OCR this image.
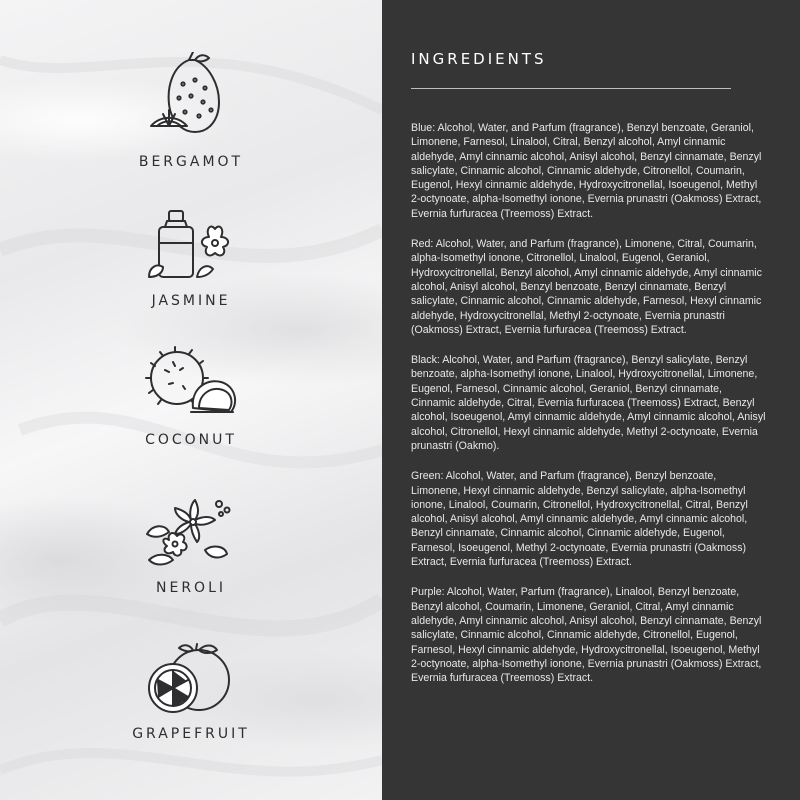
BERGAMOT
JASMINE
COCONUT
NEROLI
GRAPEFRUIT
INGREDIENTS

Blue: Alcohol, Water, and Parfum (fragrance), Benzyl benzoate, Geraniol, Limonene, Farnesol, Linalool, Citral, Benzyl alcohol, Amyl cinnamic aldehyde, Amyl cinnamic alcohol, Anisyl alcohol, Benzyl cinnamate, Benzyl salicylate, Cinnamic alcohol, Cinnamic aldehyde, Citronellol, Coumarin, Eugenol, Hexyl cinnamic aldehyde, Hydroxycitronellal, Isoeugenol, Methyl 2-octynoate, alpha-Isomethyl ionone, Evernia prunastri (Oakmoss) Extract, Evernia furfuracea (Treemoss) Extract.

Red: Alcohol, Water, and Parfum (fragrance), Limonene, Citral, Coumarin, alpha-Isomethyl ionone, Citronellol, Linalool, Eugenol, Geraniol, Hydroxycitronellal, Benzyl alcohol, Amyl cinnamic aldehyde, Amyl cinnamic alcohol, Anisyl alcohol, Benzyl benzoate, Benzyl cinnamate, Benzyl salicylate, Cinnamic alcohol, Cinnamic aldehyde, Farnesol, Hexyl cinnamic aldehyde, Hydroxycitronellal, Methyl 2-octynoate, Evernia prunastri (Oakmoss) Extract, Evernia furfuracea (Treemoss) Extract.

Black: Alcohol, Water, and Parfum (fragrance), Benzyl salicylate, Benzyl benzoate, alpha-Isomethyl ionone, Linalool, Hydroxycitronellal, Limonene, Eugenol, Farnesol, Cinnamic alcohol, Geraniol, Benzyl cinnamate, Cinnamic aldehyde, Citral, Evernia furfuracea (Treemoss) Extract, Benzyl alcohol, Isoeugenol, Amyl cinnamic aldehyde, Amyl cinnamic alcohol, Anisyl alcohol, Citronellol, Hexyl cinnamic aldehyde, Methyl 2-octynoate, Evernia prunastri (Oakmo).

Green: Alcohol, Water, and Parfum (fragrance), Benzyl benzoate, Limonene, Hexyl cinnamic aldehyde, Benzyl salicylate, alpha-Isomethyl ionone, Linalool, Coumarin, Citronellol, Hydroxycitronellal, Citral, Benzyl alcohol, Anisyl alcohol, Amyl cinnamic aldehyde, Amyl cinnamic alcohol, Benzyl cinnamate, Cinnamic alcohol, Cinnamic aldehyde, Eugenol, Farnesol, Isoeugenol, Methyl 2-octynoate, Evernia prunastri (Oakmoss) Extract, Evernia furfuracea (Treemoss) Extract.

Purple: Alcohol, Water, Parfum (fragrance), Linalool, Benzyl benzoate, Benzyl alcohol, Coumarin, Limonene, Geraniol, Citral, Amyl cinnamic aldehyde, Amyl cinnamic alcohol, Anisyl alcohol, Benzyl cinnamate, Benzyl salicylate, Cinnamic alcohol, Cinnamic aldehyde, Citronellol, Eugenol, Farnesol, Hexyl cinnamic aldehyde, Hydroxycitronellal, Isoeugenol, Methyl 2-octynoate, alpha-Isomethyl ionone, Evernia prunastri (Oakmoss) Extract, Evernia furfuracea (Treemoss) Extract.
